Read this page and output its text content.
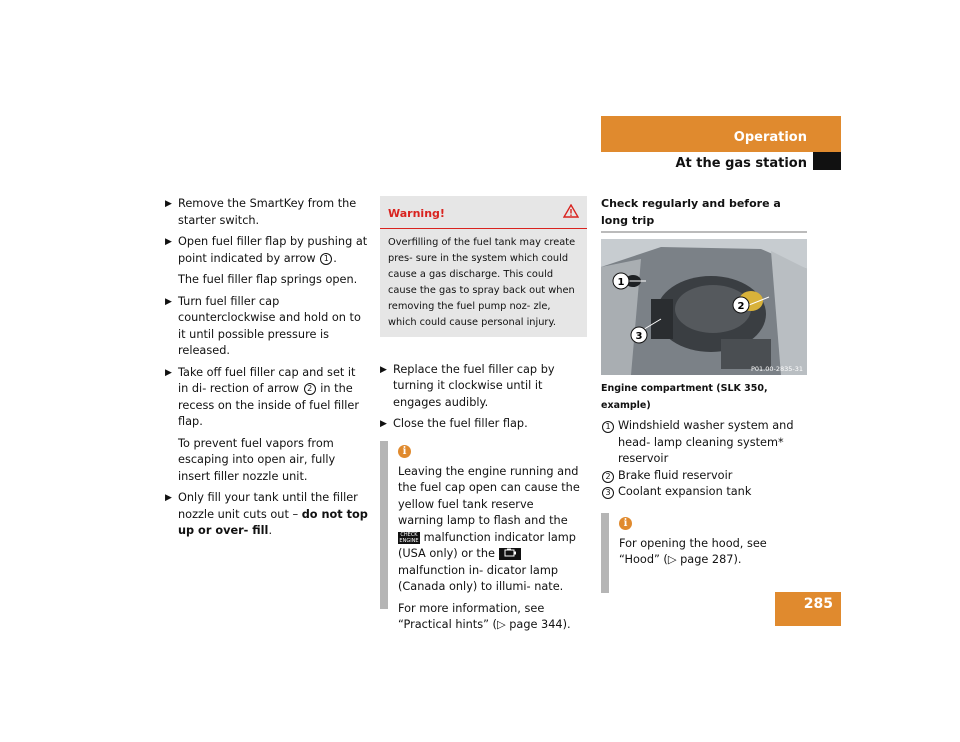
Operation
At the gas station
▶ Remove the SmartKey from the starter switch.
▶ Open fuel filler flap by pushing at point indicated by arrow 1 .
The fuel filler flap springs open.
▶ Turn fuel filler cap counterclockwise and hold on to it until possible pressure is released.
▶ Take off fuel filler cap and set it in di- rection of arrow 2 in the recess on the inside of fuel filler flap.
To prevent fuel vapors from escaping into open air, fully insert filler nozzle unit.
▶ Only fill your tank until the filler nozzle unit cuts out – do not top up or over- fill.
Warning!
Overfilling of the fuel tank may create pres- sure in the system which could cause a gas discharge. This could cause the gas to spray back out when removing the fuel pump noz- zle, which could cause personal injury.
▶ Replace the fuel filler cap by turning it clockwise until it engages audibly.
▶ Close the fuel filler flap.
i
Leaving the engine running and the fuel cap open can cause the yellow fuel tank reserve warning lamp to flash and the CHECK ENGINE malfunction indicator lamp (USA only) or the  malfunction in- dicator lamp (Canada only) to illumi- nate.
For more information, see “Practical hints” (▷ page 344).
Check regularly and before a long trip
1
2
3
P01.00-2835-31
Engine compartment (SLK 350, example)
1 Windshield washer system and head- lamp cleaning system* reservoir
2 Brake fluid reservoir
3 Coolant expansion tank
i
For opening the hood, see “Hood” (▷ page 287).
285
